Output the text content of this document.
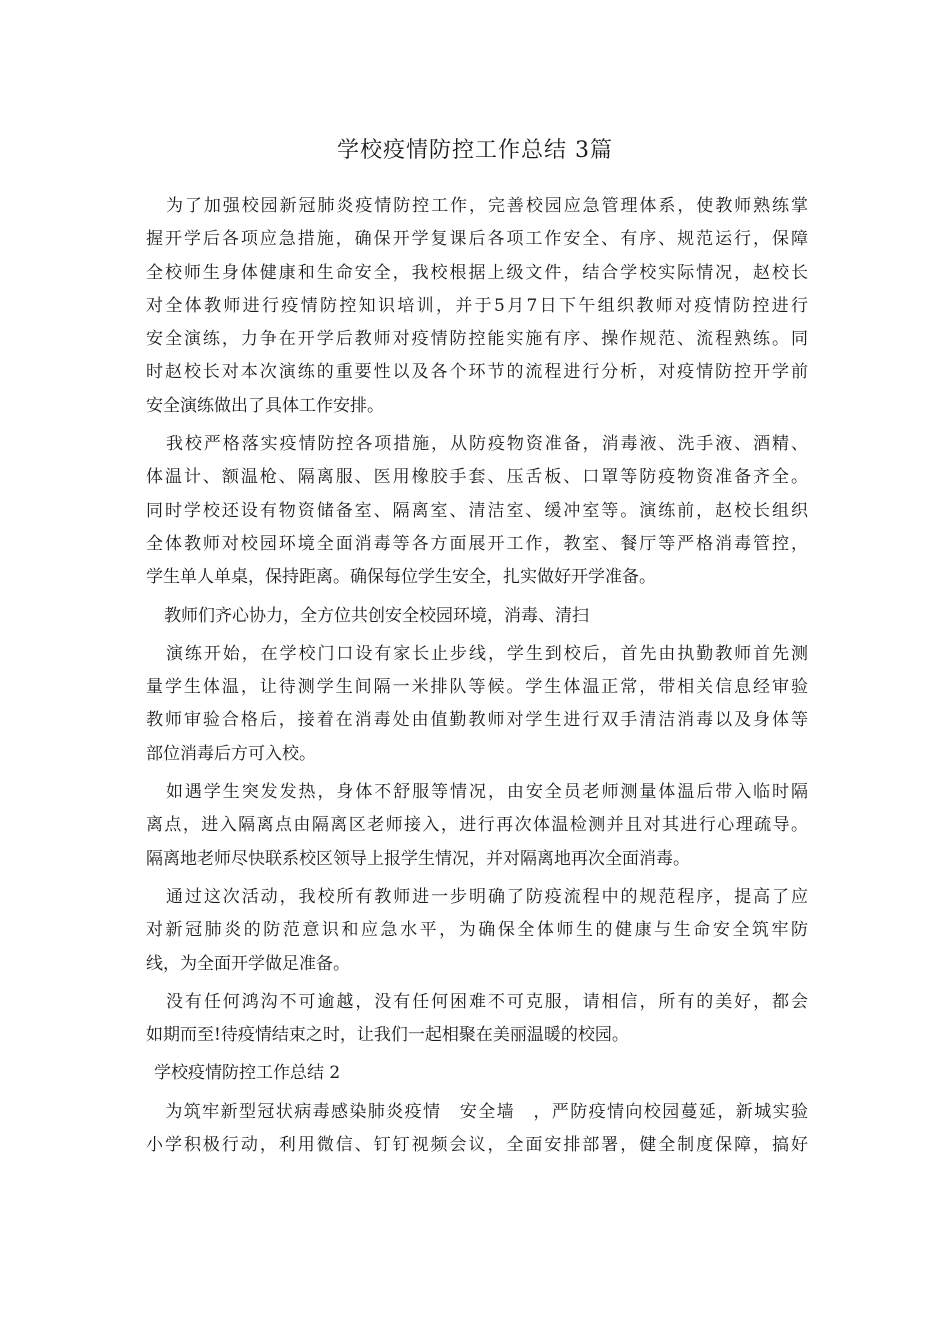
学校疫情防控工作总结 3篇
为了加强校园新冠肺炎疫情防控工作，完善校园应急管理体系，使教师熟练掌
握开学后各项应急措施，确保开学复课后各项工作安全、有序、规范运行，保障
全校师生身体健康和生命安全，我校根据上级文件，结合学校实际情况，赵校长
对全体教师进行疫情防控知识培训，并于5月7日下午组织教师对疫情防控进行
安全演练，力争在开学后教师对疫情防控能实施有序、操作规范、流程熟练。同
时赵校长对本次演练的重要性以及各个环节的流程进行分析，对疫情防控开学前
安全演练做出了具体工作安排。
我校严格落实疫情防控各项措施，从防疫物资准备，消毒液、洗手液、酒精、
体温计、额温枪、隔离服、医用橡胶手套、压舌板、口罩等防疫物资准备齐全。
同时学校还设有物资储备室、隔离室、清洁室、缓冲室等。演练前，赵校长组织
全体教师对校园环境全面消毒等各方面展开工作，教室、餐厅等严格消毒管控，
学生单人单桌，保持距离。确保每位学生安全，扎实做好开学准备。
教师们齐心协力，全方位共创安全校园环境，消毒、清扫
演练开始，在学校门口设有家长止步线，学生到校后，首先由执勤教师首先测
量学生体温，让待测学生间隔一米排队等候。学生体温正常，带相关信息经审验
教师审验合格后，接着在消毒处由值勤教师对学生进行双手清洁消毒以及身体等
部位消毒后方可入校。
如遇学生突发发热，身体不舒服等情况，由安全员老师测量体温后带入临时隔
离点，进入隔离点由隔离区老师接入，进行再次体温检测并且对其进行心理疏导。
隔离地老师尽快联系校区领导上报学生情况，并对隔离地再次全面消毒。
通过这次活动，我校所有教师进一步明确了防疫流程中的规范程序，提高了应
对新冠肺炎的防范意识和应急水平，为确保全体师生的健康与生命安全筑牢防
线，为全面开学做足准备。
没有任何鸿沟不可逾越，没有任何困难不可克服，请相信，所有的美好，都会
如期而至!待疫情结束之时，让我们一起相聚在美丽温暖的校园。
学校疫情防控工作总结 2
为筑牢新型冠状病毒感染肺炎疫情　安全墙　，严防疫情向校园蔓延，新城实验
小学积极行动，利用微信、钉钉视频会议，全面安排部署，健全制度保障，搞好
